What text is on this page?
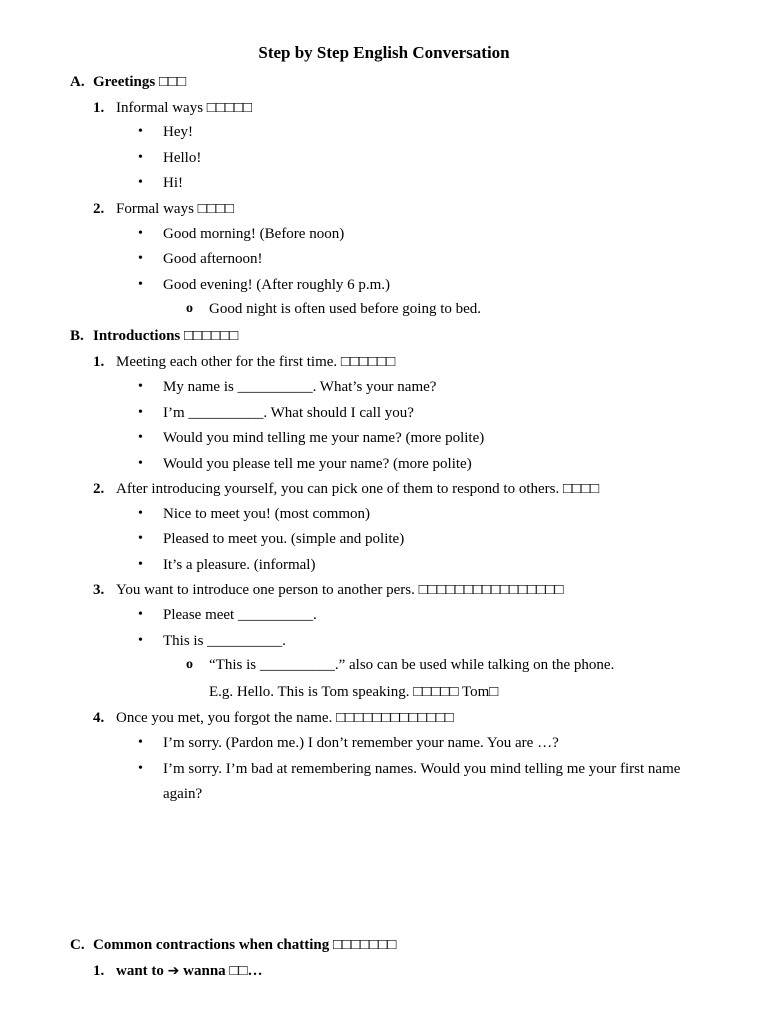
Step by Step English Conversation
A. Greetings □□□
1. Informal ways □□□□□
• Hey!
• Hello!
• Hi!
2. Formal ways □□□□
• Good morning! (Before noon)
• Good afternoon!
• Good evening! (After roughly 6 p.m.)
o Good night is often used before going to bed.
B. Introductions □□□□□□
1. Meeting each other for the first time. □□□□□□
• My name is __________. What’s your name?
• I’m __________. What should I call you?
• Would you mind telling me your name? (more polite)
• Would you please tell me your name? (more polite)
2. After introducing yourself, you can pick one of them to respond to others. □□□□
• Nice to meet you! (most common)
• Pleased to meet you. (simple and polite)
• It’s a pleasure. (informal)
3. You want to introduce one person to another pers. □□□□□□□□□□□□□□□□
• Please meet __________.
• This is __________.
o “This is __________.” also can be used while talking on the phone.
E.g. Hello. This is Tom speaking. □□□□□ Tom□
4. Once you met, you forgot the name. □□□□□□□□□□□□□
• I’m sorry. (Pardon me.) I don’t remember your name. You are …?
• I’m sorry. I’m bad at remembering names. Would you mind telling me your first name
again?
C. Common contractions when chatting □□□□□□□
1. want to ➔ wanna □□…
